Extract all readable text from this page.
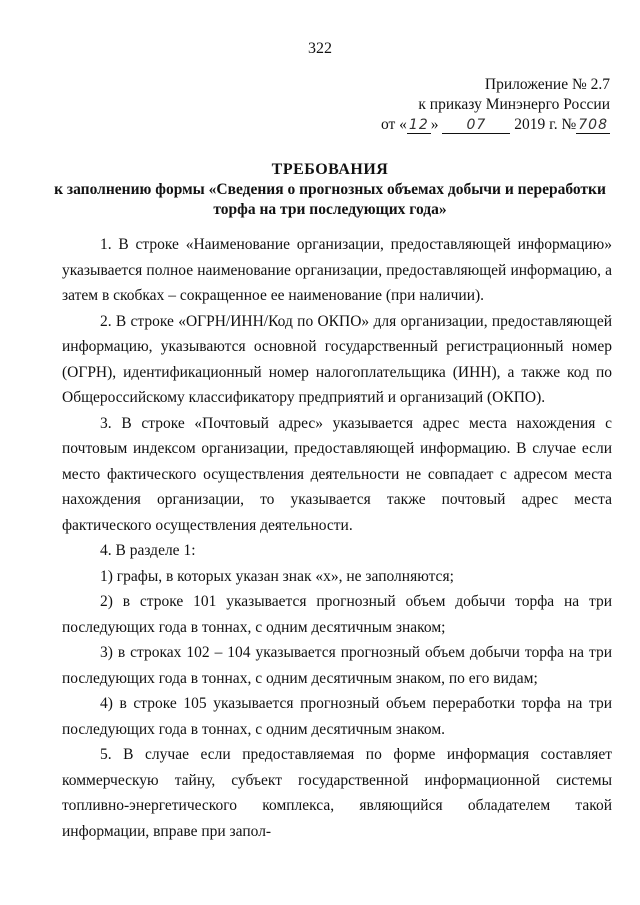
322
Приложение № 2.7
к приказу Минэнерго России
от « 12 » 07 2019 г. № 708
ТРЕБОВАНИЯ
к заполнению формы «Сведения о прогнозных объемах добычи и переработки
торфа на три последующих года»

1. В строке «Наименование организации, предоставляющей информацию» указывается полное наименование организации, предоставляющей информацию, а затем в скобках – сокращенное ее наименование (при наличии).

2. В строке «ОГРН/ИНН/Код по ОКПО» для организации, предоставляющей информацию, указываются основной государственный регистрационный номер (ОГРН), идентификационный номер налогоплательщика (ИНН), а также код по Общероссийскому классификатору предприятий и организаций (ОКПО).

3. В строке «Почтовый адрес» указывается адрес места нахождения с почтовым индексом организации, предоставляющей информацию. В случае если место фактического осуществления деятельности не совпадает с адресом места нахождения организации, то указывается также почтовый адрес места фактического осуществления деятельности.

4. В разделе 1:

1) графы, в которых указан знак «х», не заполняются;

2) в строке 101 указывается прогнозный объем добычи торфа на три последующих года в тоннах, с одним десятичным знаком;

3) в строках 102 – 104 указывается прогнозный объем добычи торфа на три последующих года в тоннах, с одним десятичным знаком, по его видам;

4) в строке 105 указывается прогнозный объем переработки торфа на три последующих года в тоннах, с одним десятичным знаком.

5. В случае если предоставляемая по форме информация составляет коммерческую тайну, субъект государственной информационной системы топливно-энергетического комплекса, являющийся обладателем такой информации, вправе при запол-
